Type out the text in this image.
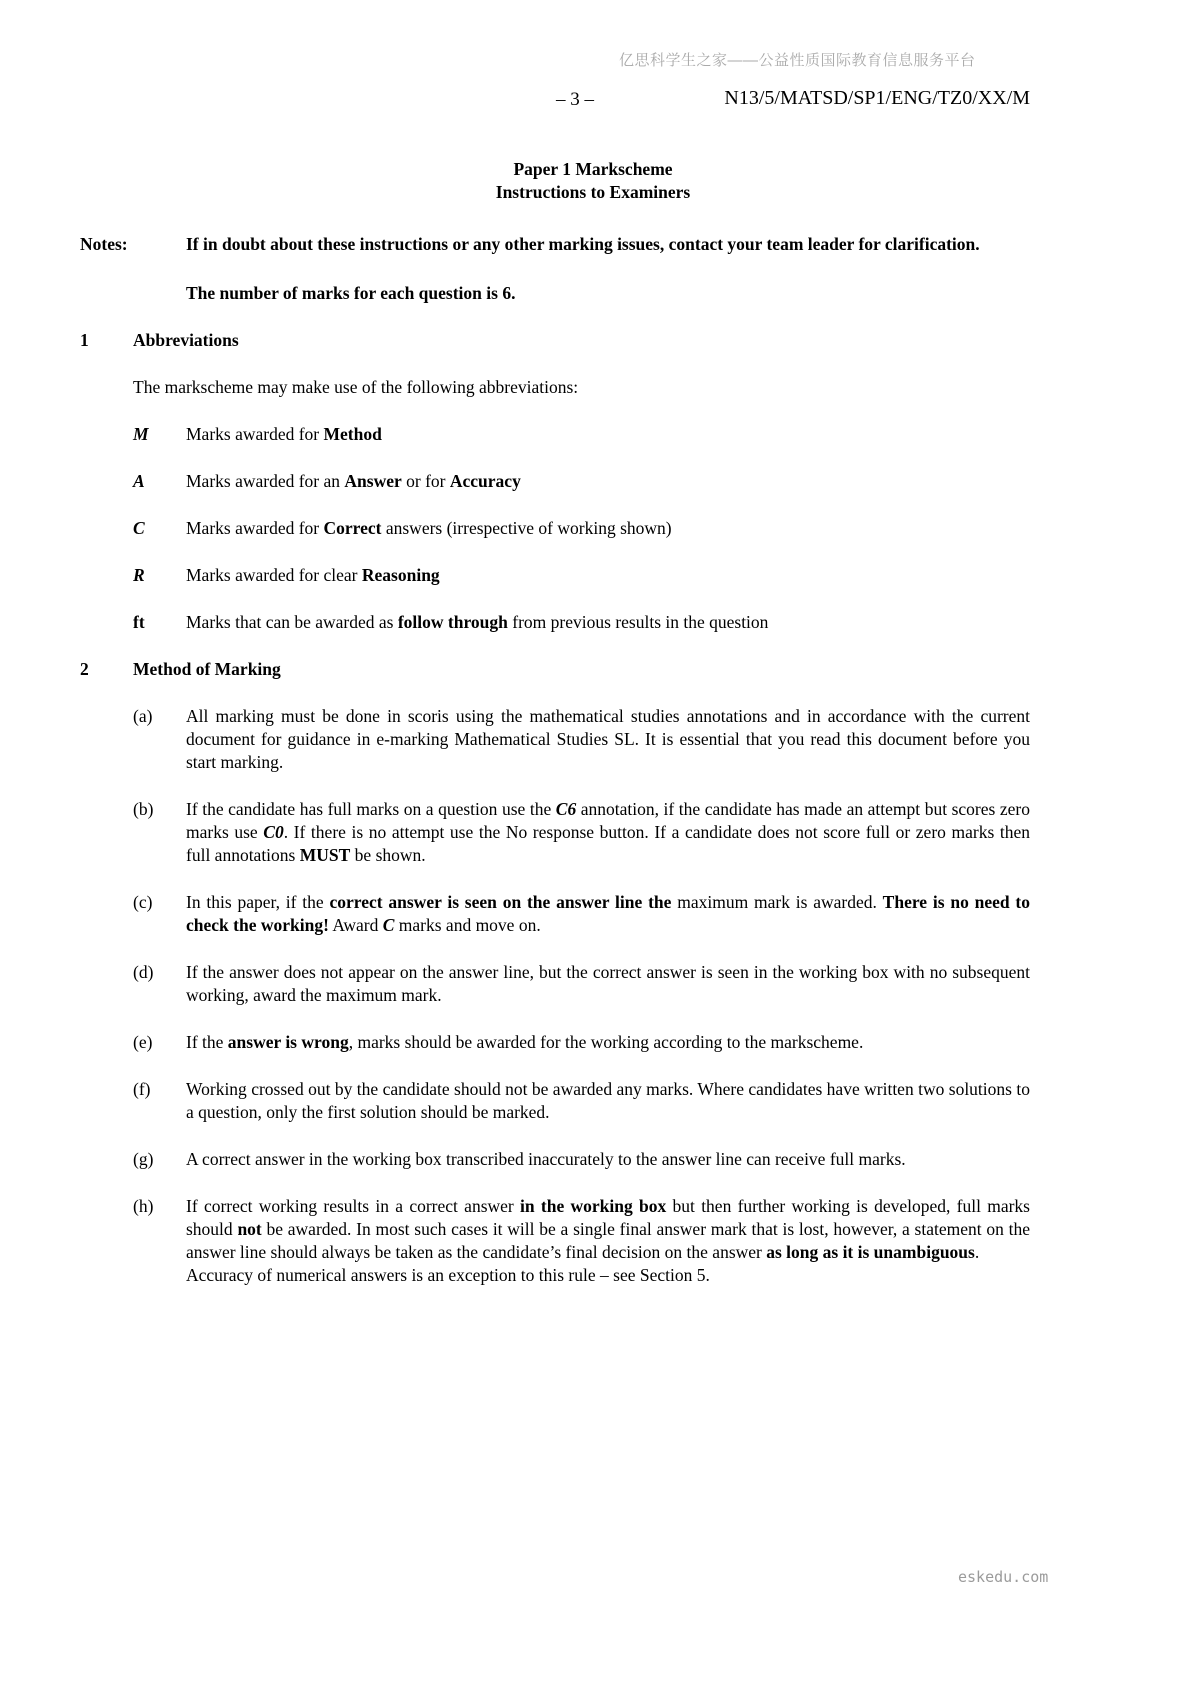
亿思科学生之家——公益性质国际教育信息服务平台
– 3 –	N13/5/MATSD/SP1/ENG/TZ0/XX/M
Paper 1 Markscheme
Instructions to Examiners
Notes:	If in doubt about these instructions or any other marking issues, contact your team leader for clarification.
The number of marks for each question is 6.
1	Abbreviations

The markscheme may make use of the following abbreviations:

M Marks awarded for Method
A Marks awarded for an Answer or for Accuracy
C Marks awarded for Correct answers (irrespective of working shown)
R Marks awarded for clear Reasoning
ft Marks that can be awarded as follow through from previous results in the question
2	Method of Marking
(a) All marking must be done in scoris using the mathematical studies annotations and in accordance with the current document for guidance in e-marking Mathematical Studies SL. It is essential that you read this document before you start marking.

(b) If the candidate has full marks on a question use the C6 annotation, if the candidate has made an attempt but scores zero marks use C0. If there is no attempt use the No response button. If a candidate does not score full or zero marks then full annotations MUST be shown.

(c) In this paper, if the correct answer is seen on the answer line the maximum mark is awarded. There is no need to check the working! Award C marks and move on.

(d) If the answer does not appear on the answer line, but the correct answer is seen in the working box with no subsequent working, award the maximum mark.

(e) If the answer is wrong, marks should be awarded for the working according to the markscheme.

(f) Working crossed out by the candidate should not be awarded any marks. Where candidates have written two solutions to a question, only the first solution should be marked.

(g) A correct answer in the working box transcribed inaccurately to the answer line can receive full marks.

(h) If correct working results in a correct answer in the working box but then further working is developed, full marks should not be awarded. In most such cases it will be a single final answer mark that is lost, however, a statement on the answer line should always be taken as the candidate’s final decision on the answer as long as it is unambiguous.

Accuracy of numerical answers is an exception to this rule – see Section 5.

eskedu.com
